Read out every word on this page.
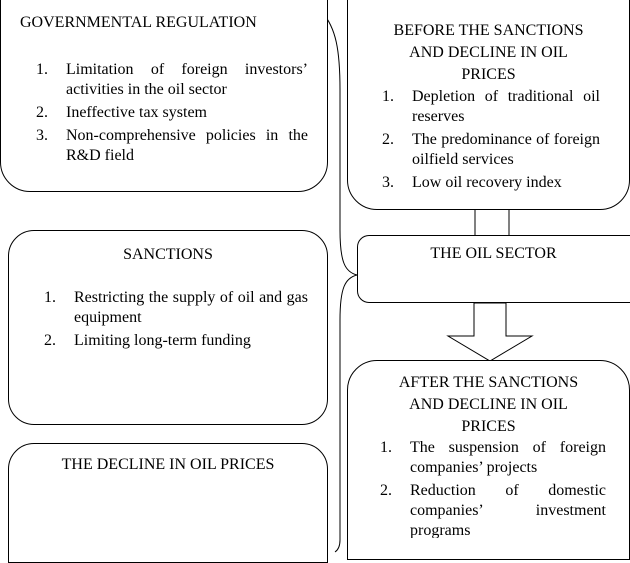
GOVERNMENTAL REGULATION
1.	Limitation of foreign investors’ activities in the oil sector
2.	Ineffective tax system
3.	Non-comprehensive policies in the R&D field
SANCTIONS
1.	Restricting the supply of oil and gas equipment
2.	Limiting long-term funding
THE DECLINE IN OIL PRICES
BEFORE THE SANCTIONS
AND DECLINE IN OIL
PRICES
1.	Depletion of traditional oil reserves
2.	The predominance of foreign oilfield services
3.	Low oil recovery index
THE OIL SECTOR
AFTER THE SANCTIONS
AND DECLINE IN OIL
PRICES
1.	The suspension of foreign companies’ projects
2.	Reduction of domestic companies’ investment programs
